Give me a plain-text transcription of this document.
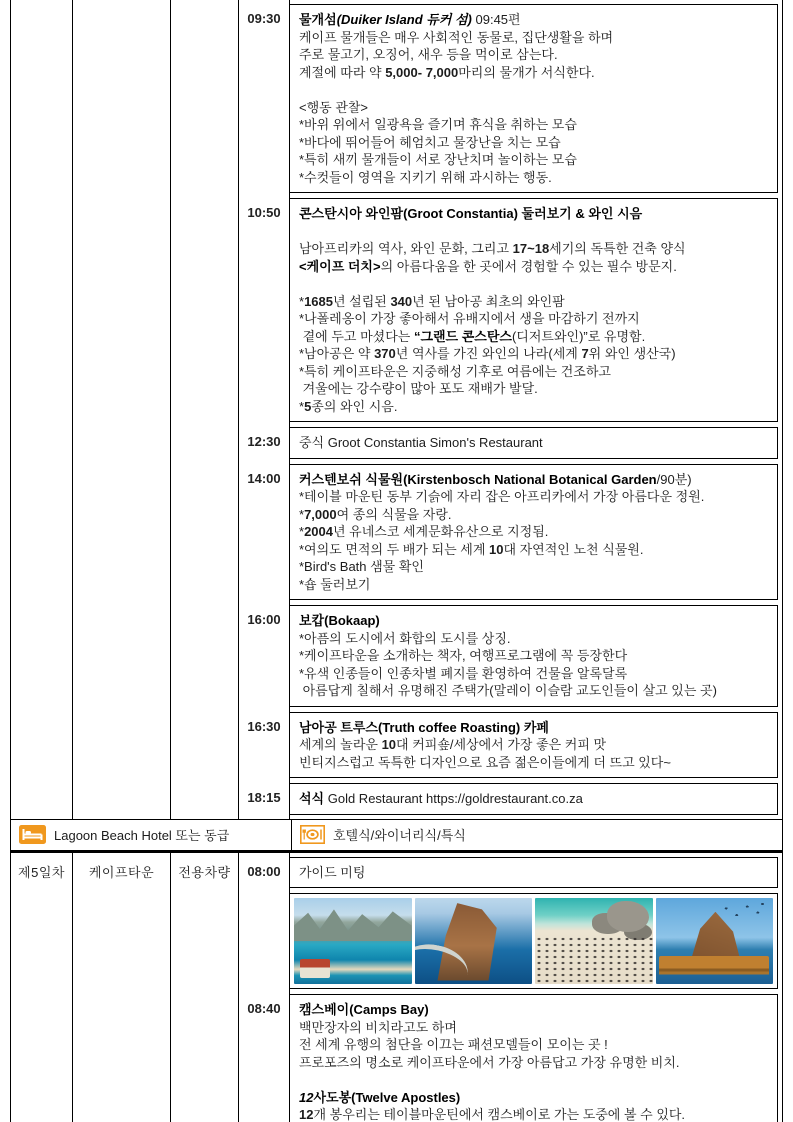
09:30	물개섬(Duiker Island 듀커 섬) 09:45편

케이프 물개들은 매우 사회적인 동물로, 집단생활을 하며

주로 물고기, 오징어, 새우 등을 먹이로 삼는다.

계절에 따라 약 5,000- 7,000마리의 물개가 서식한다.

<행동 관찰>

*바위 위에서 일광욕을 즐기며 휴식을 취하는 모습

*바다에 뛰어들어 헤엄치고 물장난을 치는 모습

*특히 새끼 물개들이 서로 장난치며 놀이하는 모습

*수컷들이 영역을 지키기 위해 과시하는 행동.

10:50	콘스탄시아 와인팜(Groot Constantia) 둘러보기 & 와인 시음

남아프리카의 역사, 와인 문화, 그리고 17~18세기의 독특한 건축 양식

<케이프 더치>의 아름다움을 한 곳에서 경험할 수 있는 필수 방문지.

*1685년 설립된 340년 된 남아공 최초의 와인팜

*나폴레옹이 가장 좋아해서 유배지에서 생을 마감하기 전까지

곁에 두고 마셨다는 “그랜드 콘스탄스(디저트와인)”로 유명함.

*남아공은 약 370년 역사를 가진 와인의 나라(세계 7위 와인 생산국)

*특히 케이프타운은 지중해성 기후로 여름에는 건조하고

겨울에는 강수량이 많아 포도 재배가 발달.

*5종의 와인 시음.

12:30	중식 Groot Constantia Simon's Restaurant

14:00	커스텐보쉬 식물원(Kirstenbosch National Botanical Garden/90분)

*테이블 마운틴 동부 기슭에 자리 잡은 아프리카에서 가장 아름다운 정원.

*7,000여 종의 식물을 자랑.

*2004년 유네스코 세계문화유산으로 지정됨.

*여의도 면적의 두 배가 되는 세계 10대 자연적인 노천 식물원.

*Bird's Bath 샘물 확인

*숍 둘러보기

16:00	보캅(Bokaap)

*아픔의 도시에서 화합의 도시를 상징.

*케이프타운을 소개하는 책자, 여행프로그램에 꼭 등장한다

*유색 인종들이 인종차별 폐지를 환영하여 건물을 알록달록

아름답게 칠해서 유명해진 주택가(말레이 이슬람 교도인들이 살고 있는 곳)

16:30	남아공 트루스(Truth coffee Roasting) 카페

세계의 놀라운 10대 커피숖/세상에서 가장 좋은 커피 맛

빈티지스럽고 독특한 디자인으로 요즘 젊은이들에게 더 뜨고 있다~

18:15	석식 Gold Restaurant https://goldrestaurant.co.za

Lagoon Beach Hotel 또는 동급	호텔식/와이너리식/특식
제5일차	케이프타운	전용차량	08:00	가이드 미팅

08:40	캠스베이(Camps Bay)

백만장자의 비치라고도 하며

전 세계 유행의 첨단을 이끄는 패션모델들이 모이는 곳 !

프로포즈의 명소로 케이프타운에서 가장 아름답고 가장 유명한 비치.

12사도봉(Twelve Apostles)

12개 봉우리는 테이블마운틴에서 캠스베이로 가는 도중에 볼 수 있다.
